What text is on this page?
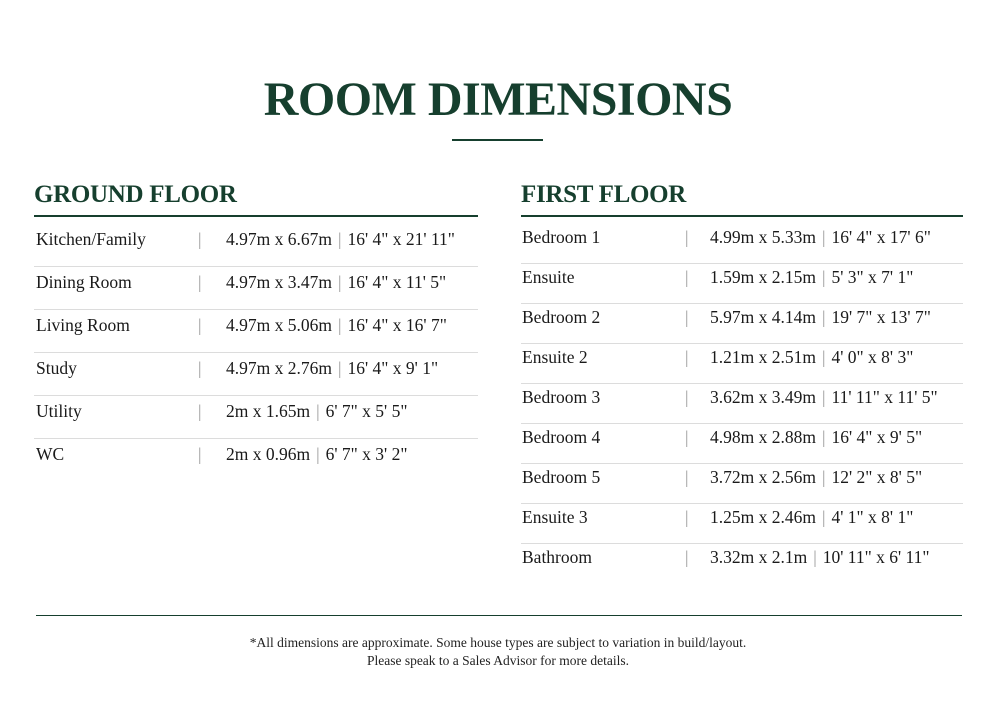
ROOM DIMENSIONS
GROUND FLOOR
Kitchen/Family	| 4.97m x 6.67m | 16' 4" x 21' 11"
Dining Room	| 4.97m x 3.47m | 16' 4" x 11' 5"
Living Room	| 4.97m x 5.06m | 16' 4" x 16' 7"
Study	| 4.97m x 2.76m | 16' 4" x 9' 1"
Utility	| 2m x 1.65m | 6' 7" x 5' 5"
WC	| 2m x 0.96m | 6' 7" x 3' 2"
FIRST FLOOR
Bedroom 1	| 4.99m x 5.33m | 16' 4" x 17' 6"
Ensuite	| 1.59m x 2.15m | 5' 3" x 7' 1"
Bedroom 2	| 5.97m x 4.14m | 19' 7" x 13' 7"
Ensuite 2	| 1.21m x 2.51m | 4' 0" x 8' 3"
Bedroom 3	| 3.62m x 3.49m | 11' 11" x 11' 5"
Bedroom 4	| 4.98m x 2.88m | 16' 4" x 9' 5"
Bedroom 5	| 3.72m x 2.56m | 12' 2" x 8' 5"
Ensuite 3	| 1.25m x 2.46m | 4' 1" x 8' 1"
Bathroom	| 3.32m x 2.1m | 10' 11" x 6' 11"
*All dimensions are approximate. Some house types are subject to variation in build/layout.
Please speak to a Sales Advisor for more details.
